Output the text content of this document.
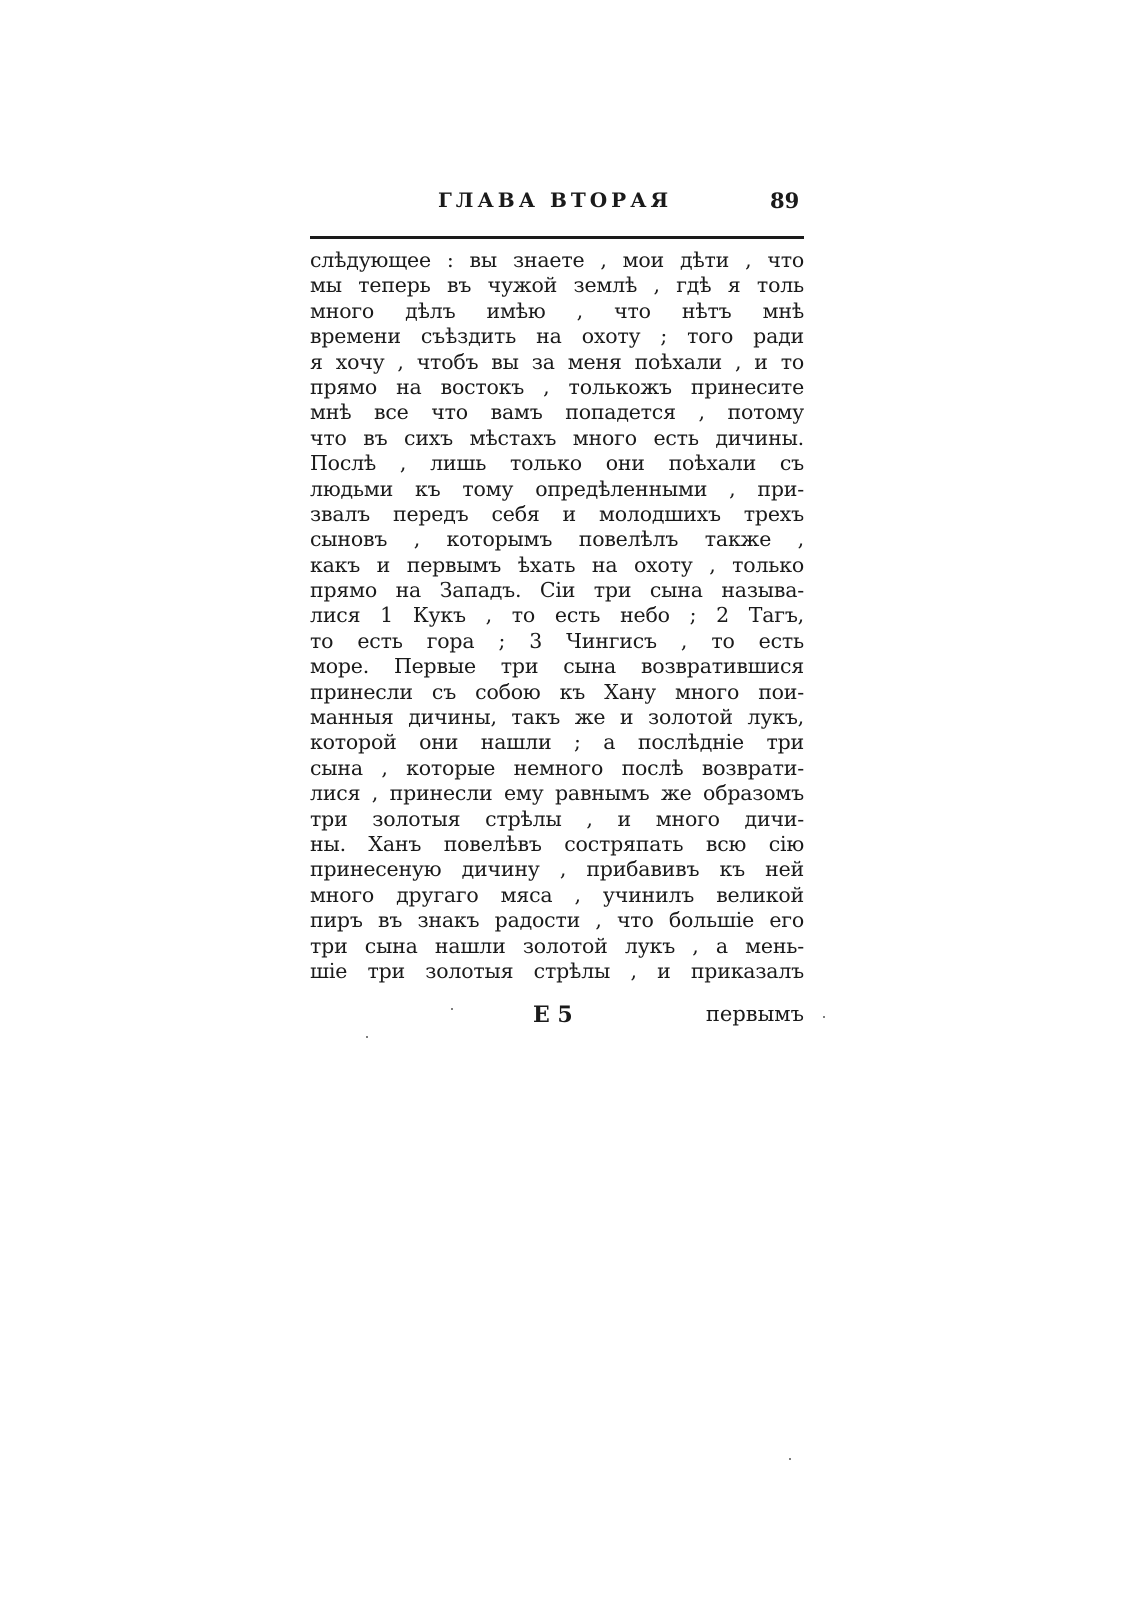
ГЛАВА ВТОРАЯ	89
слѣдующее : вы знаете , мои дѣти , что
мы теперь въ чужой землѣ , гдѣ я толь
много дѣлъ имѣю , что нѣтъ мнѣ
времени съѣздить на охоту ; того ради
я хочу , чтобъ вы за меня поѣхали , и то
прямо на востокъ , толькожъ принесите
мнѣ все что вамъ попадется , потому
что въ сихъ мѣстахъ много есть дичины.
Послѣ , лишь только они поѣхали съ
людьми къ тому опредѣленными , при-
звалъ передъ себя и молодшихъ трехъ
сыновъ , которымъ повелѣлъ также ,
какъ и первымъ ѣхать на охоту , только
прямо на Западъ. Сіи три сына называ-
лися 1 Кукъ , то есть небо ; 2 Тагъ,
то есть гора ; 3 Чингисъ , то есть
море. Первые три сына возвратившися
принесли съ собою къ Хану много пои-
манныя дичины, такъ же и золотой лукъ,
которой они нашли ; а послѣдніе три
сына , которые немного послѣ возврати-
лися , принесли ему равнымъ же образомъ
три золотыя стрѣлы , и много дичи-
ны. Ханъ повелѣвъ состряпать всю сію
принесеную дичину , прибавивъ къ ней
много другаго мяса , учинилъ великой
пиръ въ знакъ радости , что большіе его
три сына нашли золотой лукъ , а мень-
шіе три золотыя стрѣлы , и приказалъ
E 5	первымъ
